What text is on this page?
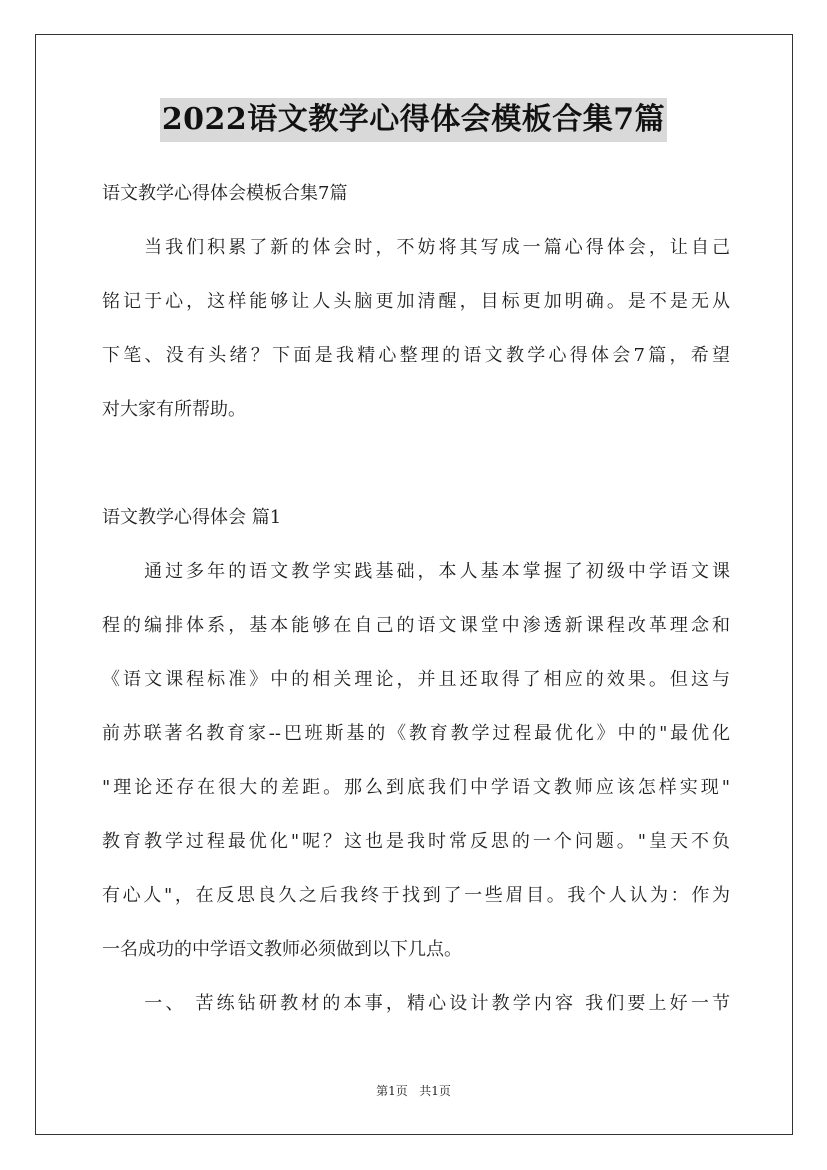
2022语文教学心得体会模板合集7篇
语文教学心得体会模板合集7篇
　　当我们积累了新的体会时，不妨将其写成一篇心得体会，让自己
铭记于心，这样能够让人头脑更加清醒，目标更加明确。是不是无从
下笔、没有头绪？下面是我精心整理的语文教学心得体会7篇，希望
对大家有所帮助。
语文教学心得体会 篇1
　　通过多年的语文教学实践基础，本人基本掌握了初级中学语文课
程的编排体系，基本能够在自己的语文课堂中渗透新课程改革理念和
《语文课程标准》中的相关理论，并且还取得了相应的效果。但这与
前苏联著名教育家--巴班斯基的《教育教学过程最优化》中的"最优化
"理论还存在很大的差距。那么到底我们中学语文教师应该怎样实现"
教育教学过程最优化"呢？这也是我时常反思的一个问题。"皇天不负
有心人"，在反思良久之后我终于找到了一些眉目。我个人认为：作为
一名成功的中学语文教师必须做到以下几点。
　　一、 苦练钻研教材的本事，精心设计教学内容 我们要上好一节
第1页 共1页
